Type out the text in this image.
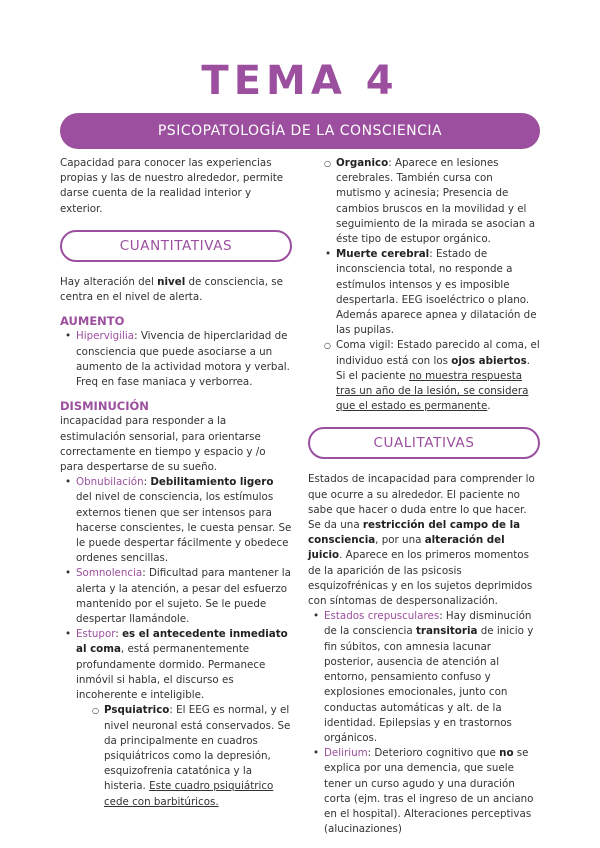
TEMA 4
PSICOPATOLOGÍA DE LA CONSCIENCIA

Capacidad para conocer las experiencias propias y las de nuestro alrededor, permite darse cuenta de la realidad interior y exterior.

CUANTITATIVAS

Hay alteración del nivel de consciencia, se centra en el nivel de alerta.

AUMENTO

• Hipervigilia: Vivencia de hiperclaridad de consciencia que puede asociarse a un aumento de la actividad motora y verbal. Freq en fase maniaca y verborrea.

DISMINUCIÓN

incapacidad para responder a la estimulación sensorial, para orientarse correctamente en tiempo y espacio y /o para despertarse de su sueño.

• Obnubilación: Debilitamiento ligero del nivel de consciencia, los estímulos externos tienen que ser intensos para hacerse conscientes, le cuesta pensar. Se le puede despertar fácilmente y obedece ordenes sencillas.
• Somnolencia: Dificultad para mantener la alerta y la atención, a pesar del esfuerzo mantenido por el sujeto. Se le puede despertar llamándole.
• Estupor: es el antecedente inmediato al coma, está permanentemente profundamente dormido. Permanece inmóvil si habla, el discurso es incoherente e inteligible.
○ Psquiatrico: El EEG es normal, y el nivel neuronal está conservados. Se da principalmente en cuadros psiquiátricos como la depresión, esquizofrenia catatónica y la histeria. Este cuadro psiquiátrico cede con barbitúricos.
○ Organico: Aparece en lesiones cerebrales. También cursa con mutismo y acinesia; Presencia de cambios bruscos en la movilidad y el seguimiento de la mirada se asocian a éste tipo de estupor orgánico.
• Muerte cerebral: Estado de inconsciencia total, no responde a estímulos intensos y es imposible despertarla. EEG isoeléctrico o plano. Además aparece apnea y dilatación de las pupilas.
○ Coma vigil: Estado parecido al coma, el individuo está con los ojos abiertos. Si el paciente no muestra respuesta tras un año de la lesión, se considera que el estado es permanente.
CUALITATIVAS

Estados de incapacidad para comprender lo que ocurre a su alrededor. El paciente no sabe que hacer o duda entre lo que hacer. Se da una restricción del campo de la consciencia, por una alteración del juicio. Aparece en los primeros momentos de la aparición de las psicosis esquizofrénicas y en los sujetos deprimidos con síntomas de despersonalización.

• Estados crepusculares: Hay disminución de la consciencia transitoria de inicio y fin súbitos, con amnesia lacunar posterior, ausencia de atención al entorno, pensamiento confuso y explosiones emocionales, junto con conductas automáticas y alt. de la identidad. Epilepsias y en trastornos orgánicos.
• Delirium: Deterioro cognitivo que no se explica por una demencia, que suele tener un curso agudo y una duración corta (ejm. tras el ingreso de un anciano en el hospital). Alteraciones perceptivas (alucinaziones)
